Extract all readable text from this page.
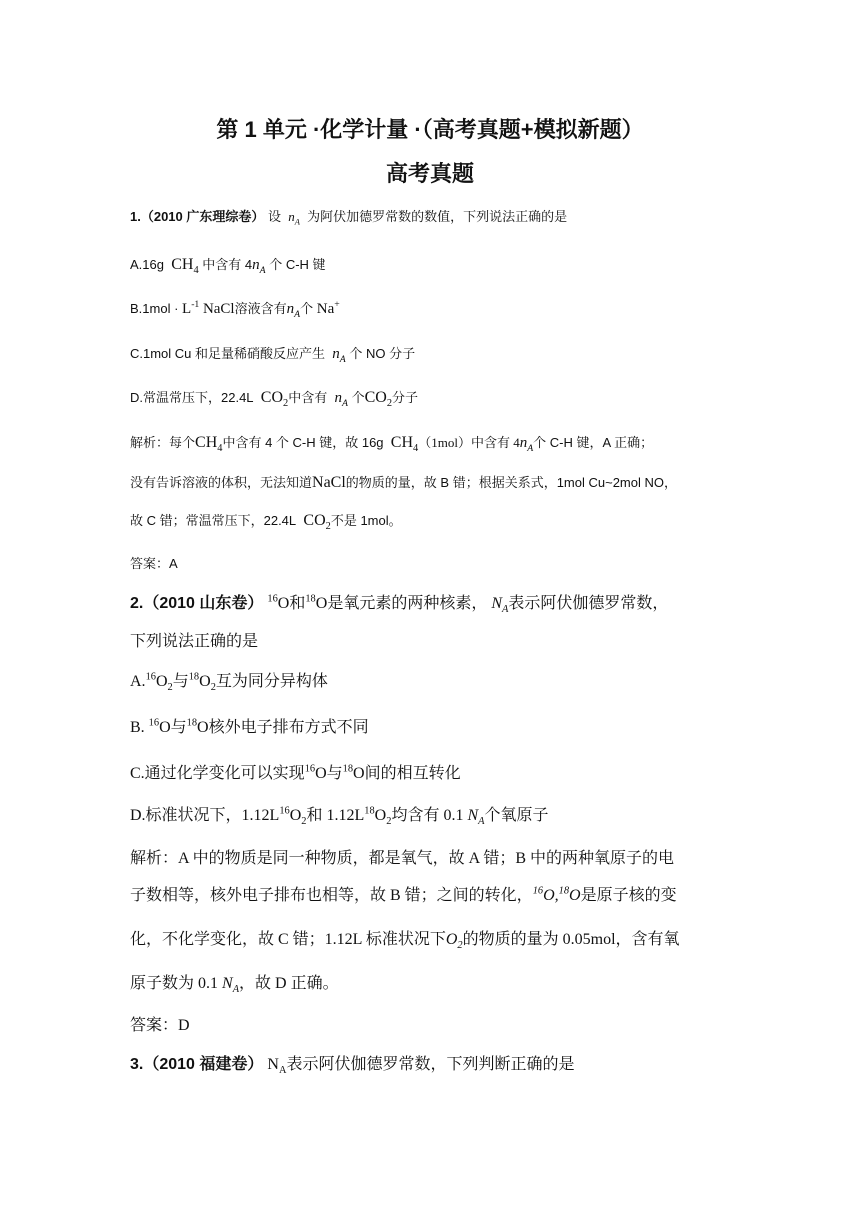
第 1 单元 ·化学计量 ·（高考真题+模拟新题）
高考真题
1.（2010 广东理综卷） 设 $n_A$ 为阿伏加德罗常数的数值，下列说法正确的是
A.16g $CH_4$ 中含有 $4n_A$ 个 C-H 键
$B.1mol \cdot L^{-1}$ NaCl溶液含有$n_A$个 Na+
C.1mol Cu 和足量稀硝酸反应产生 $n_A$ 个 NO 分子
D.常温常压下，22.4L $CO_2$中含有 $n_A$ 个$CO_2$分子
解析：每个$CH_4$中含有 4 个 C-H 键，故 16g $CH_4(1mol)$中含有 $4n_A$个 C-H 键，A 正确；
没有告诉溶液的体积，无法知道NaCl的物质的量，故 B 错；根据关系式，1mol Cu~2mol NO，
故 C 错；常温常压下，22.4L $CO_2$不是 1mol。
答案：A
2.（2010 山东卷） $^{16}$O和$^{18}$O是氧元素的两种核素， $N_A$表示阿伏伽德罗常数，
下列说法正确的是
$A.^{16}O_2$与$^{18}O_2$互为同分异构体
B. $^{16}$O与$^{18}$O核外电子排布方式不同
C.通过化学变化可以实现$^{16}$O与$^{18}$O间的相互转化
D.标准状况下，$1.12L^{16}O_2$和 $1.12L^{18}O_2$均含有 0.1 $N_A$个氧原子
解析：A 中的物质是同一种物质，都是氧气，故 A 错；B 中的两种氧原子的电
子数相等，核外电子排布也相等，故 B 错；之间的转化，$^{16}$O,$^{18}$O是原子核的变
化，不化学变化，故 C 错；1.12L 标准状况下$O_2$的物质的量为 0.05mol，含有氧
原子数为 0.1 $N_A$，故 D 正确。
答案：D
3.（2010 福建卷） $N_A$表示阿伏伽德罗常数，下列判断正确的是
